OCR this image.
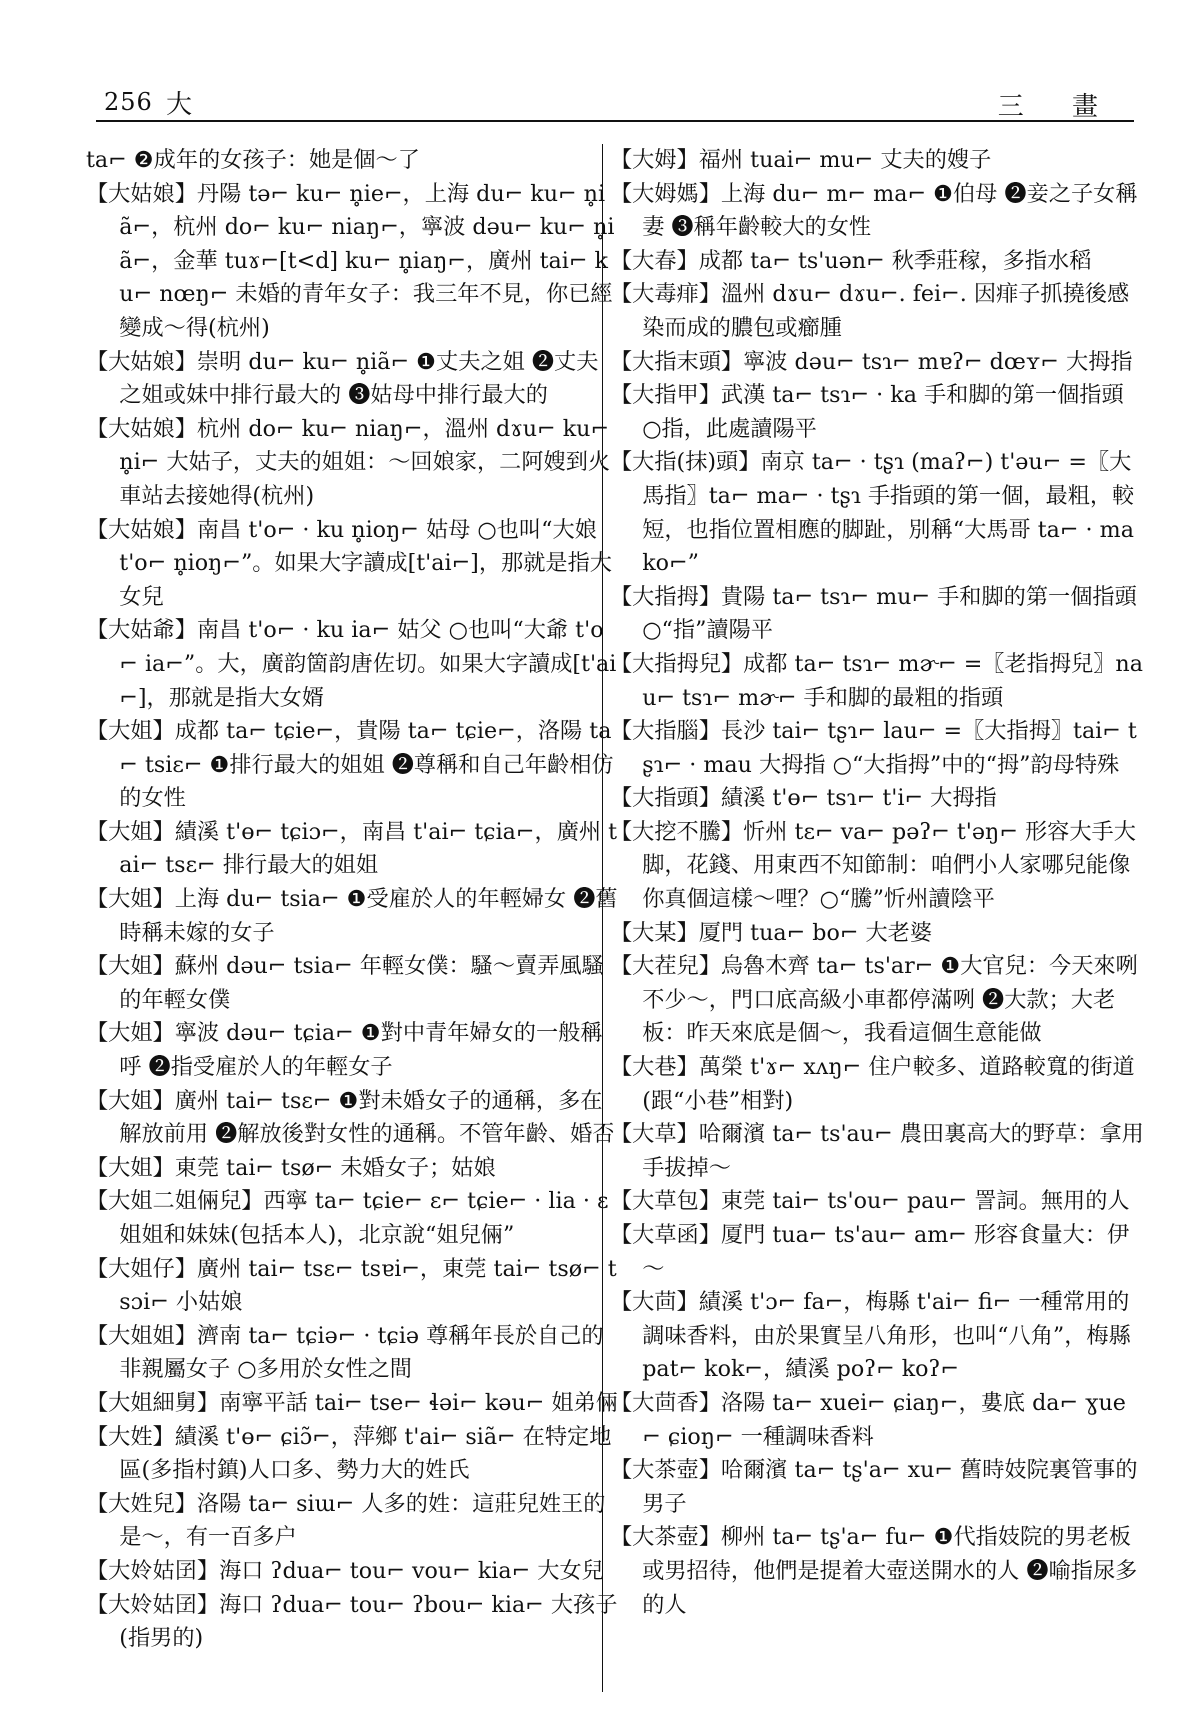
256 大	三 畫

ta⌐ ❷成年的女孩子：她是個～了

【大姑娘】丹陽 tə⌐ ku⌐ n̥ie⌐，上海 du⌐ ku⌐ n̥iã⌐，杭州 do⌐ ku⌐ niaŋ⌐，寧波 dəu⌐ ku⌐ n̥iã⌐，金華 tuɤ⌐[t<d] ku⌐ n̥iaŋ⌐，廣州 tai⌐ ku⌐ nœŋ⌐ 未婚的青年女子：我三年不見，你已經變成～得(杭州)

【大姑娘】崇明 du⌐ ku⌐ n̥iã⌐ ❶丈夫之姐 ❷丈夫之姐或妹中排行最大的 ❸姑母中排行最大的

【大姑娘】杭州 do⌐ ku⌐ niaŋ⌐，溫州 dɤu⌐ ku⌐ n̥i⌐ 大姑子，丈夫的姐姐：～回娘家，二阿嫂到火車站去接她得(杭州)

【大姑娘】南昌 t'o⌐ · ku n̥ioŋ⌐ 姑母 ○也叫“大娘 t'o⌐ n̥ioŋ⌐”。如果大字讀成[t'ai⌐]，那就是指大女兒

【大姑爺】南昌 t'o⌐ · ku ia⌐ 姑父 ○也叫“大爺 t'o⌐ ia⌐”。大，廣韵箇韵唐佐切。如果大字讀成[t'ai⌐]，那就是指大女婿

【大姐】成都 ta⌐ tɕie⌐，貴陽 ta⌐ tɕie⌐，洛陽 ta⌐ tsiɛ⌐ ❶排行最大的姐姐 ❷尊稱和自己年齡相仿的女性

【大姐】績溪 t'ɵ⌐ tɕiɔ⌐，南昌 t'ai⌐ tɕia⌐，廣州 tai⌐ tsɛ⌐ 排行最大的姐姐

【大姐】上海 du⌐ tsia⌐ ❶受雇於人的年輕婦女 ❷舊時稱未嫁的女子

【大姐】蘇州 dəu⌐ tsia⌐ 年輕女僕：騷～賣弄風騷的年輕女僕

【大姐】寧波 dəu⌐ tɕia⌐ ❶對中青年婦女的一般稱呼 ❷指受雇於人的年輕女子

【大姐】廣州 tai⌐ tsɛ⌐ ❶對未婚女子的通稱，多在解放前用 ❷解放後對女性的通稱。不管年齡、婚否

【大姐】東莞 tai⌐ tsø⌐ 未婚女子；姑娘

【大姐二姐倆兒】西寧 ta⌐ tɕie⌐ ɛ⌐ tɕie⌐ · lia · ɛ 姐姐和妹妹(包括本人)，北京說“姐兒倆”

【大姐仔】廣州 tai⌐ tsɛ⌐ tsɐi⌐，東莞 tai⌐ tsø⌐ tsɔi⌐ 小姑娘

【大姐姐】濟南 ta⌐ tɕiə⌐ · tɕiə 尊稱年長於自己的非親屬女子 ○多用於女性之間

【大姐細舅】南寧平話 tai⌐ tse⌐ ɬəi⌐ kəu⌐ 姐弟倆

【大姓】績溪 t'ɵ⌐ ɕiɔ̃⌐，萍鄉 t'ai⌐ siã⌐ 在特定地區(多指村鎮)人口多、勢力大的姓氏

【大姓兒】洛陽 ta⌐ siɯ⌐ 人多的姓：這莊兒姓王的是～，有一百多户

【大姈姑囝】海口 ʔdua⌐ tou⌐ vou⌐ kia⌐ 大女兒

【大姈姑囝】海口 ʔdua⌐ tou⌐ ʔbou⌐ kia⌐ 大孩子(指男的)

【大姆】福州 tuai⌐ mu⌐ 丈夫的嫂子

【大姆媽】上海 du⌐ m⌐ ma⌐ ❶伯母 ❷妾之子女稱妻 ❸稱年齡較大的女性

【大春】成都 ta⌐ ts'uən⌐ 秋季莊稼，多指水稻

【大毒痱】溫州 dɤu⌐ dɤu⌐. fei⌐. 因痱子抓撓後感染而成的膿包或癤腫

【大指末頭】寧波 dəu⌐ tsɿ⌐ mɐʔ⌐ dœʏ⌐ 大拇指

【大指甲】武漢 ta⌐ tsɿ⌐ · ka 手和脚的第一個指頭 ○指，此處讀陽平

【大指(抹)頭】南京 ta⌐ · tʂɿ (maʔ⌐) t'əu⌐ =〖大馬指〗ta⌐ ma⌐ · tʂɿ 手指頭的第一個，最粗，較短，也指位置相應的脚趾，別稱“大馬哥 ta⌐ · ma ko⌐”

【大指拇】貴陽 ta⌐ tsɿ⌐ mu⌐ 手和脚的第一個指頭 ○“指”讀陽平

【大指拇兒】成都 ta⌐ tsɿ⌐ mɚ⌐ =〖老指拇兒〗nau⌐ tsɿ⌐ mɚ⌐ 手和脚的最粗的指頭

【大指腦】長沙 tai⌐ tʂɿ⌐ lau⌐ =〖大指拇〗tai⌐ tʂɿ⌐ · mau 大拇指 ○“大指拇”中的“拇”韵母特殊

【大指頭】績溪 t'ɵ⌐ tsɿ⌐ t'i⌐ 大拇指

【大挖不騰】忻州 tɛ⌐ va⌐ pəʔ⌐ t'əŋ⌐ 形容大手大脚，花錢、用東西不知節制：咱們小人家哪兒能像你真個這樣～哩？○“騰”忻州讀陰平

【大某】厦門 tua⌐ bo⌐ 大老婆

【大茬兒】烏魯木齊 ta⌐ ts'ar⌐ ❶大官兒：今天來咧不少～，門口底高級小車都停滿咧 ❷大款；大老板：昨天來底是個～，我看這個生意能做

【大巷】萬榮 t'ɤ⌐ xʌŋ⌐ 住户較多、道路較寬的街道(跟“小巷”相對)

【大草】哈爾濱 ta⌐ ts'au⌐ 農田裏高大的野草：拿用手拔掉～

【大草包】東莞 tai⌐ ts'ou⌐ pau⌐ 詈詞。無用的人

【大草函】厦門 tua⌐ ts'au⌐ am⌐ 形容食量大：伊～

【大茴】績溪 t'ɔ⌐ fa⌐，梅縣 t'ai⌐ fi⌐ 一種常用的調味香料，由於果實呈八角形，也叫“八角”，梅縣 pat⌐ kok⌐，績溪 poʔ⌐ koʔ⌐

【大茴香】洛陽 ta⌐ xuei⌐ ɕiaŋ⌐，婁底 da⌐ ɣue⌐ ɕioŋ⌐ 一種調味香料

【大茶壺】哈爾濱 ta⌐ tʂ'a⌐ xu⌐ 舊時妓院裏管事的男子

【大茶壺】柳州 ta⌐ tʂ'a⌐ fu⌐ ❶代指妓院的男老板或男招待，他們是提着大壺送開水的人 ❷喻指尿多的人
